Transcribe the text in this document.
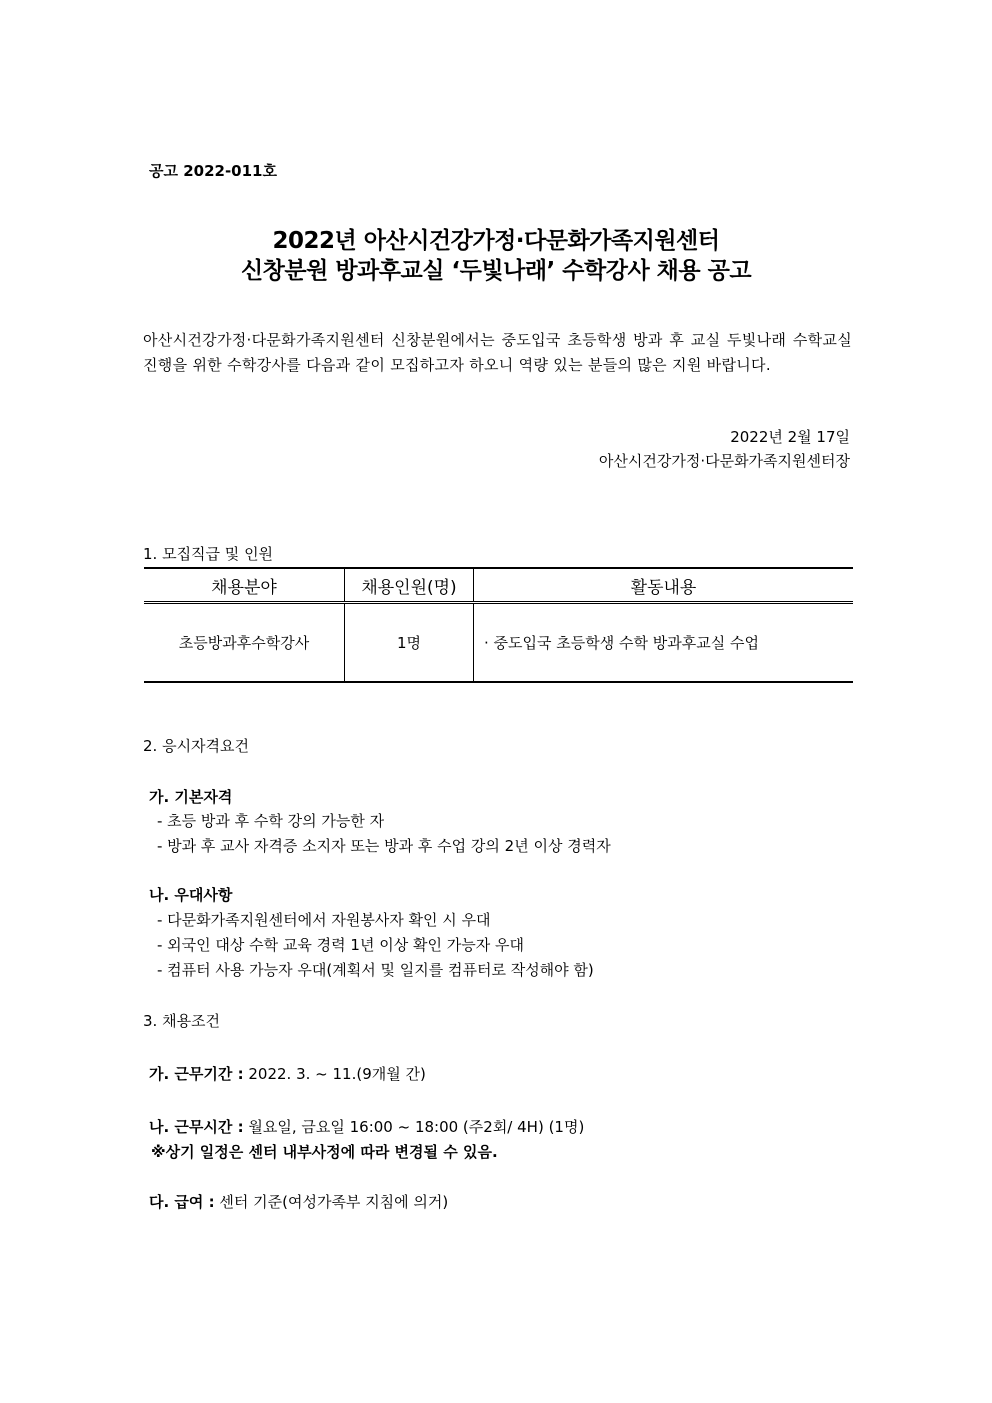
공고 2022-011호
2022년 아산시건강가정·다문화가족지원센터
신창분원 방과후교실 ‘두빛나래’ 수학강사 채용 공고
아산시건강가정·다문화가족지원센터 신창분원에서는 중도입국 초등학생 방과 후 교실 두빛나래 수학교실 진행을 위한 수학강사를 다음과 같이 모집하고자 하오니 역량 있는 분들의 많은 지원 바랍니다.
2022년 2월 17일
아산시건강가정·다문화가족지원센터장
1. 모집직급 및 인원
채용분야	채용인원(명)	활동내용
초등방과후수학강사	1명	· 중도입국 초등학생 수학 방과후교실 수업
2. 응시자격요건
가. 기본자격
- 초등 방과 후 수학 강의 가능한 자
- 방과 후 교사 자격증 소지자 또는 방과 후 수업 강의 2년 이상 경력자
나. 우대사항
- 다문화가족지원센터에서 자원봉사자 확인 시 우대
- 외국인 대상 수학 교육 경력 1년 이상 확인 가능자 우대
- 컴퓨터 사용 가능자 우대(계획서 및 일지를 컴퓨터로 작성해야 함)
3. 채용조건
가. 근무기간 : 2022. 3. ~ 11.(9개월 간)
나. 근무시간 : 월요일, 금요일 16:00 ~ 18:00 (주2회/ 4H) (1명)
※상기 일정은 센터 내부사정에 따라 변경될 수 있음.
다. 급여 : 센터 기준(여성가족부 지침에 의거)
